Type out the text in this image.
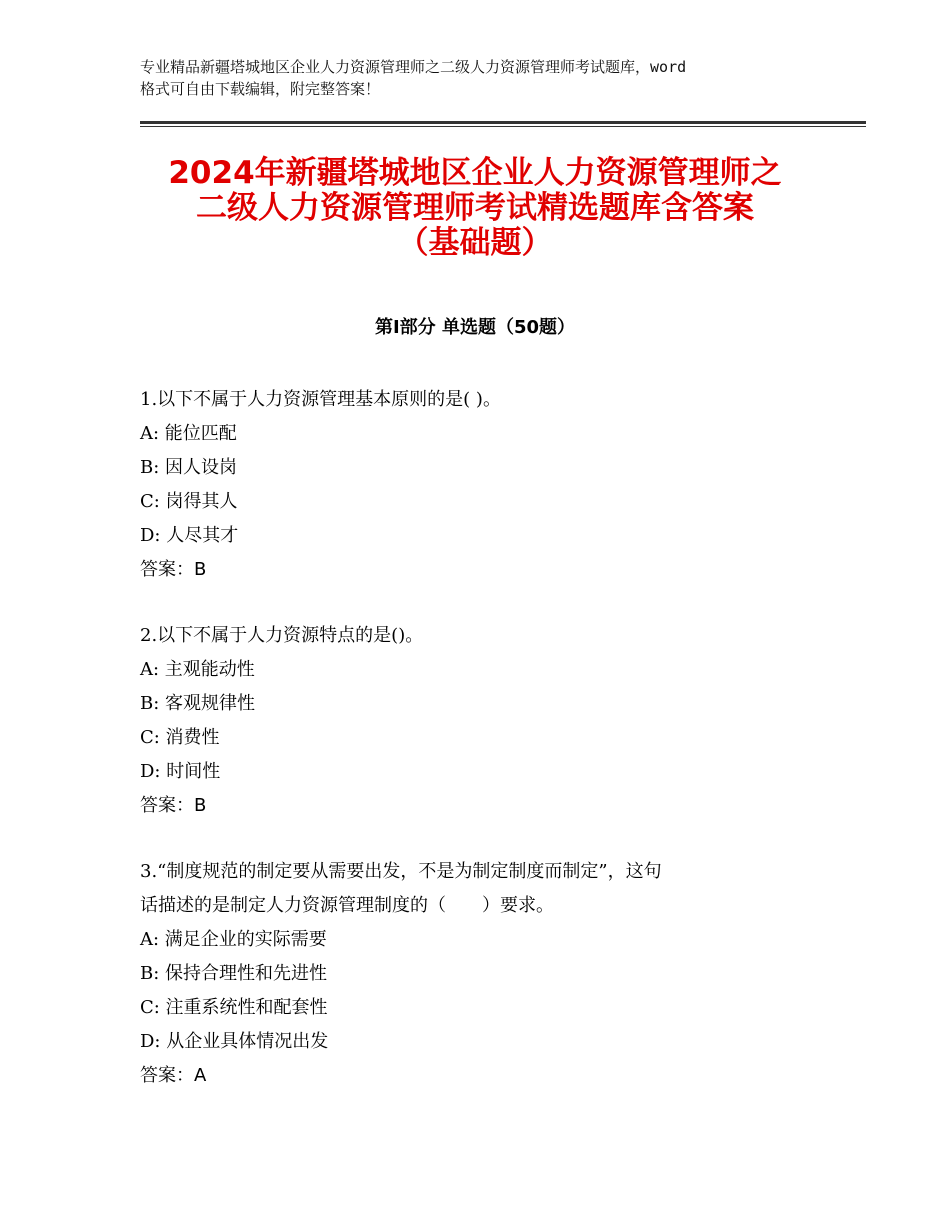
专业精品新疆塔城地区企业人力资源管理师之二级人力资源管理师考试题库，word
格式可自由下载编辑，附完整答案！
2024年新疆塔城地区企业人力资源管理师之
二级人力资源管理师考试精选题库含答案
（基础题）
第Ⅰ部分 单选题（50题）
1.以下不属于人力资源管理基本原则的是( )。
A: 能位匹配
B: 因人设岗
C: 岗得其人
D: 人尽其才
答案：B
2.以下不属于人力资源特点的是()。
A: 主观能动性
B: 客观规律性
C: 消费性
D: 时间性
答案：B
3.“制度规范的制定要从需要出发，不是为制定制度而制定”，这句
话描述的是制定人力资源管理制度的（　　）要求。
A: 满足企业的实际需要
B: 保持合理性和先进性
C: 注重系统性和配套性
D: 从企业具体情况出发
答案：A
